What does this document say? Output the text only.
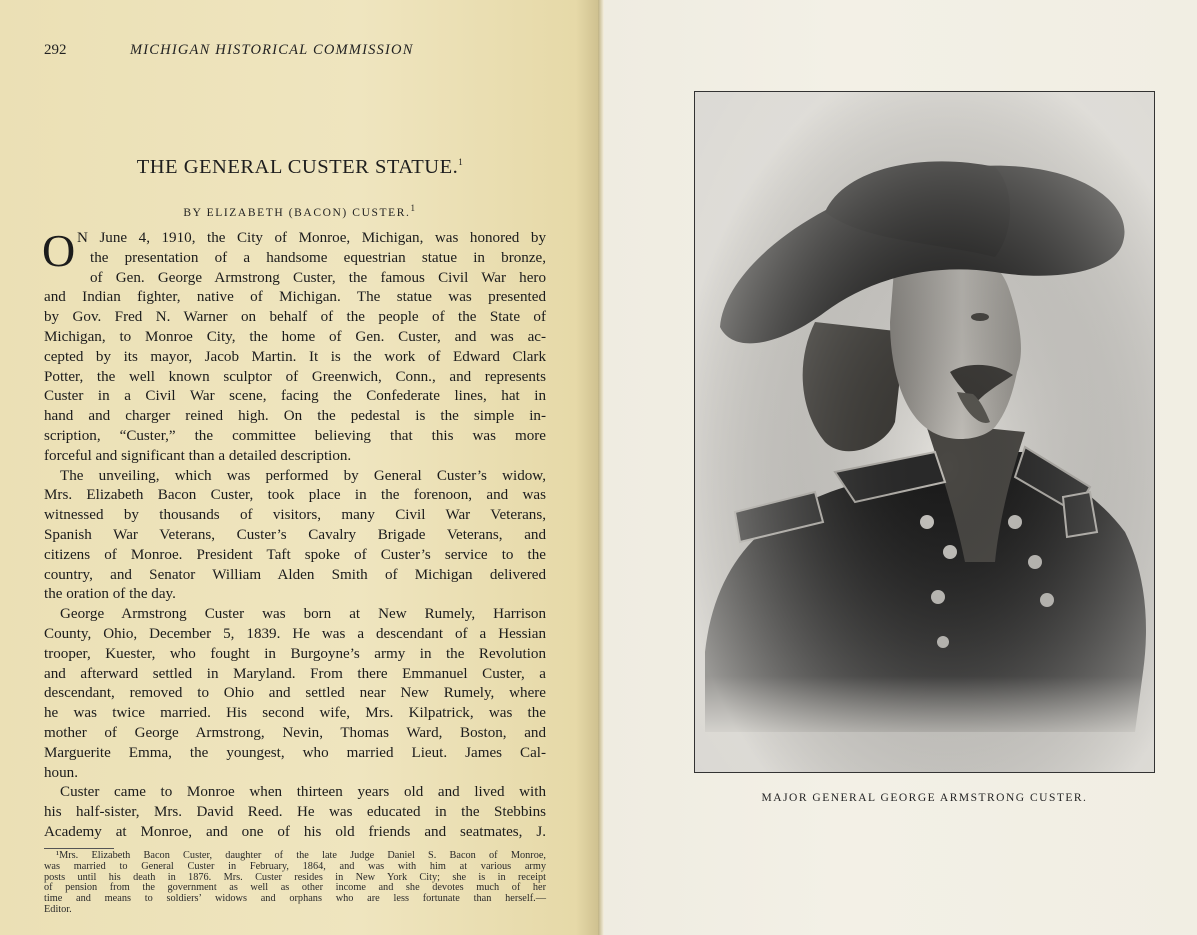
292	MICHIGAN HISTORICAL COMMISSION
THE GENERAL CUSTER STATUE.$^1$
BY ELIZABETH (BACON) CUSTER.$^1$
O N June 4, 1910, the City of Monroe, Michigan, was honored by
the presentation of a handsome equestrian statue in bronze,
of Gen. George Armstrong Custer, the famous Civil War hero
and Indian fighter, native of Michigan. The statue was presented
by Gov. Fred N. Warner on behalf of the people of the State of
Michigan, to Monroe City, the home of Gen. Custer, and was ac-
cepted by its mayor, Jacob Martin. It is the work of Edward Clark
Potter, the well known sculptor of Greenwich, Conn., and represents
Custer in a Civil War scene, facing the Confederate lines, hat in
hand and charger reined high. On the pedestal is the simple in-
scription, “Custer,” the committee believing that this was more
forceful and significant than a detailed description.
The unveiling, which was performed by General Custer’s widow,
Mrs. Elizabeth Bacon Custer, took place in the forenoon, and was
witnessed by thousands of visitors, many Civil War Veterans,
Spanish War Veterans, Custer’s Cavalry Brigade Veterans, and
citizens of Monroe. President Taft spoke of Custer’s service to the
country, and Senator William Alden Smith of Michigan delivered
the oration of the day.
George Armstrong Custer was born at New Rumely, Harrison
County, Ohio, December 5, 1839. He was a descendant of a Hessian
trooper, Kuester, who fought in Burgoyne’s army in the Revolution
and afterward settled in Maryland. From there Emmanuel Custer, a
descendant, removed to Ohio and settled near New Rumely, where
he was twice married. His second wife, Mrs. Kilpatrick, was the
mother of George Armstrong, Nevin, Thomas Ward, Boston, and
Marguerite Emma, the youngest, who married Lieut. James Cal-
houn.
Custer came to Monroe when thirteen years old and lived with
his half-sister, Mrs. David Reed. He was educated in the Stebbins
Academy at Monroe, and one of his old friends and seatmates, J.
¹Mrs. Elizabeth Bacon Custer, daughter of the late Judge Daniel S. Bacon of Monroe,
was married to General Custer in February, 1864, and was with him at various army
posts until his death in 1876. Mrs. Custer resides in New York City; she is in receipt
of pension from the government as well as other income and she devotes much of her
time and means to soldiers’ widows and orphans who are less fortunate than herself.—
Editor.
MAJOR GENERAL GEORGE ARMSTRONG CUSTER.
